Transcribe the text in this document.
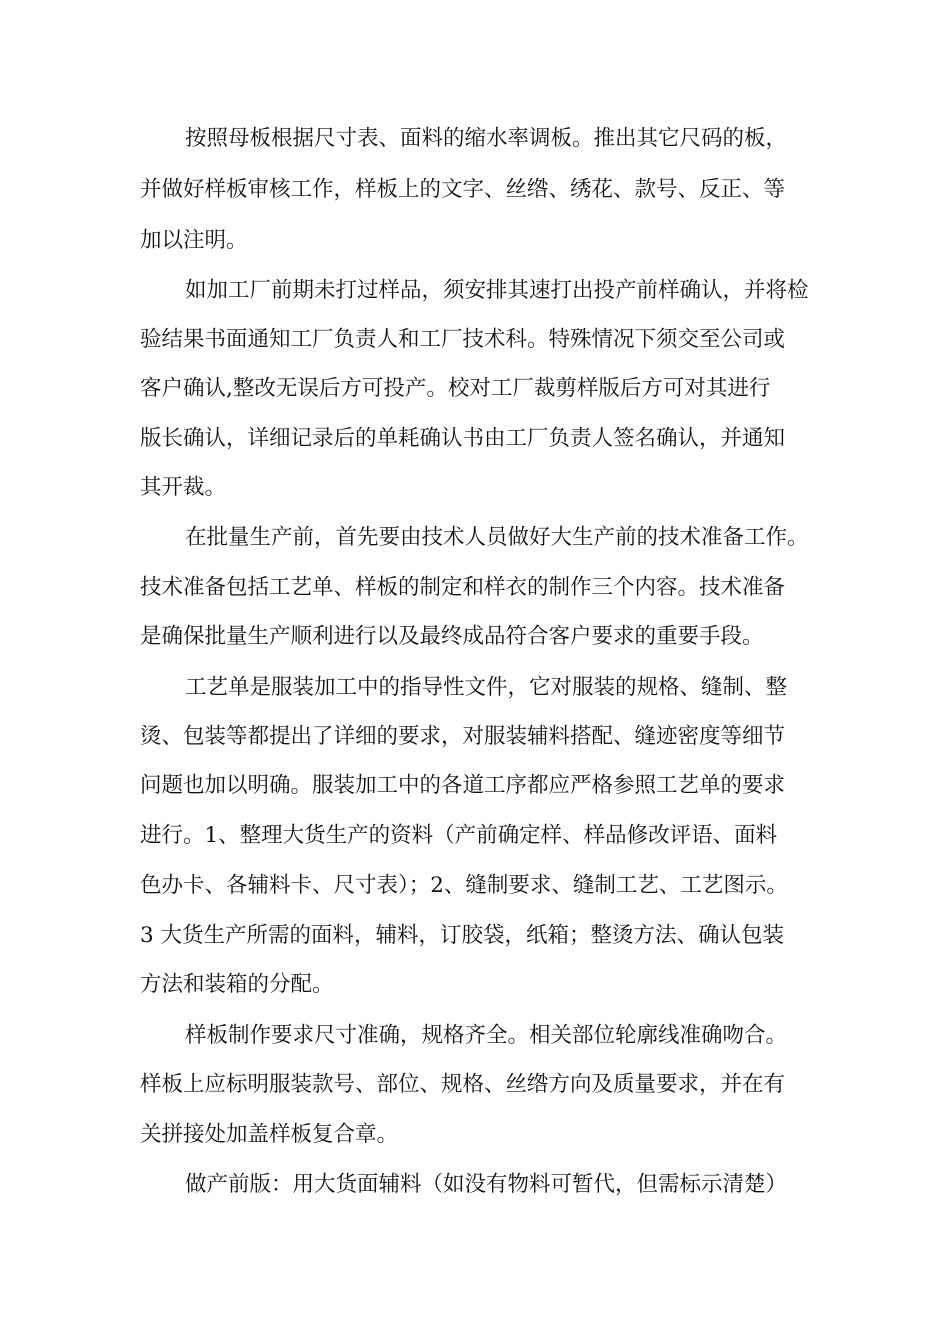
按照母板根据尺寸表、面料的缩水率调板。推出其它尺码的板，
并做好样板审核工作，样板上的文字、丝绺、绣花、款号、反正、等
加以注明。
如加工厂前期未打过样品，须安排其速打出投产前样确认，并将检
验结果书面通知工厂负责人和工厂技术科。特殊情况下须交至公司或
客户确认,整改无误后方可投产。校对工厂裁剪样版后方可对其进行
版长确认，详细记录后的单耗确认书由工厂负责人签名确认，并通知
其开裁。
在批量生产前，首先要由技术人员做好大生产前的技术准备工作。
技术准备包括工艺单、样板的制定和样衣的制作三个内容。技术准备
是确保批量生产顺利进行以及最终成品符合客户要求的重要手段。
工艺单是服装加工中的指导性文件，它对服装的规格、缝制、整
烫、包装等都提出了详细的要求，对服装辅料搭配、缝迹密度等细节
问题也加以明确。服装加工中的各道工序都应严格参照工艺单的要求
进行。1、整理大货生产的资料（产前确定样、样品修改评语、面料
色办卡、各辅料卡、尺寸表）；2、缝制要求、缝制工艺、工艺图示。
3 大货生产所需的面料，辅料，订胶袋，纸箱；整烫方法、确认包装
方法和装箱的分配。
样板制作要求尺寸准确，规格齐全。相关部位轮廓线准确吻合。
样板上应标明服装款号、部位、规格、丝绺方向及质量要求，并在有
关拼接处加盖样板复合章。
做产前版：用大货面辅料（如没有物料可暂代，但需标示清楚）
